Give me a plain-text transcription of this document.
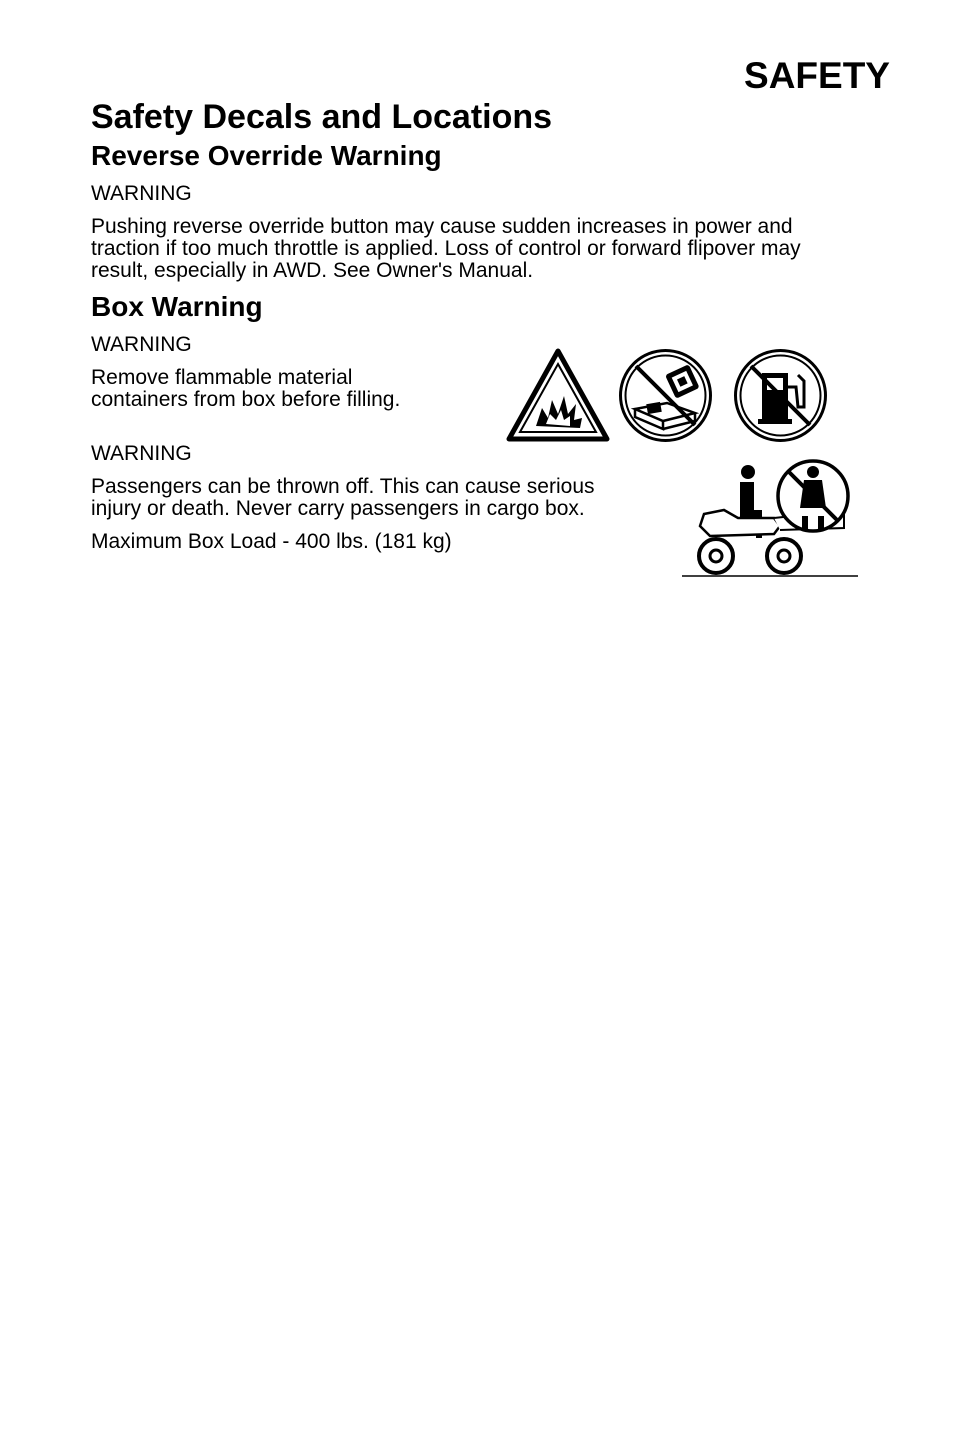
SAFETY
Safety Decals and Locations
Reverse Override Warning
WARNING
Pushing reverse override button may cause sudden increases in power and
traction if too much throttle is applied. Loss of control or forward flipover may
result, especially in AWD. See Owner's Manual.
Box Warning
WARNING
Remove flammable material
containers from box before filling.
WARNING
Passengers can be thrown off. This can cause serious
injury or death. Never carry passengers in cargo box.
Maximum Box Load - 400 lbs. (181 kg)
